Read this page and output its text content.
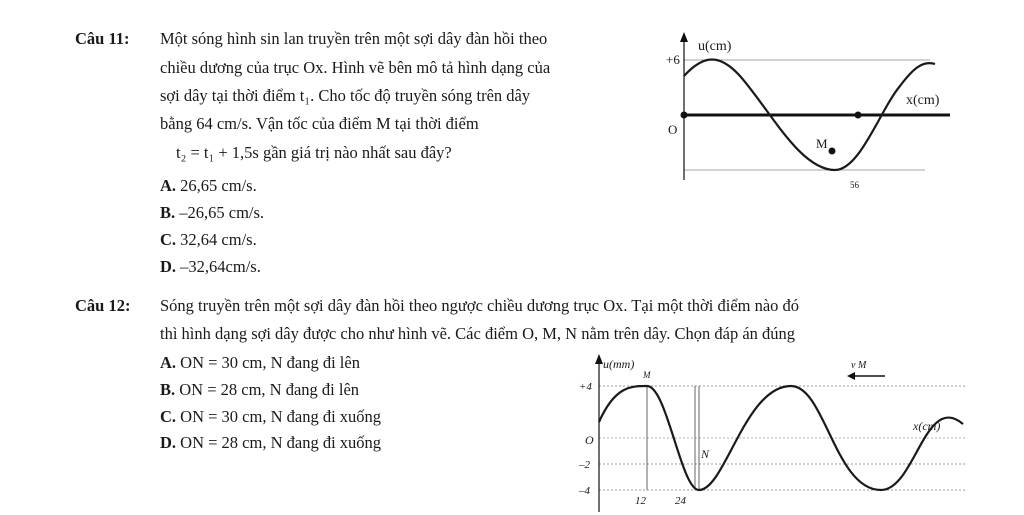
Câu 11: Một sóng hình sin lan truyền trên một sợi dây đàn hồi theo
chiều dương của trục Ox. Hình vẽ bên mô tả hình dạng của
sợi dây tại thời điểm t₁. Cho tốc độ truyền sóng trên dây
bằng 64 cm/s. Vận tốc của điểm M tại thời điểm
t₂ = t₁ + 1,5s gần giá trị nào nhất sau đây?
A. 26,65 cm/s.
B. –26,65 cm/s.
C. 32,64 cm/s.
D. –32,64cm/s.
u(cm)
x(cm)
+6
O
M
56
Câu 12: Sóng truyền trên một sợi dây đàn hồi theo ngược chiều dương trục Ox. Tại một thời điểm nào đó
thì hình dạng sợi dây được cho như hình vẽ. Các điểm O, M, N nằm trên dây. Chọn đáp án đúng
A. ON = 30 cm, N đang đi lên
B. ON = 28 cm, N đang đi lên
C. ON = 30 cm, N đang đi xuống
D. ON = 28 cm, N đang đi xuống
u(mm)
x(cm)
O
+4
–2
–4
12	24
M
N
v M
